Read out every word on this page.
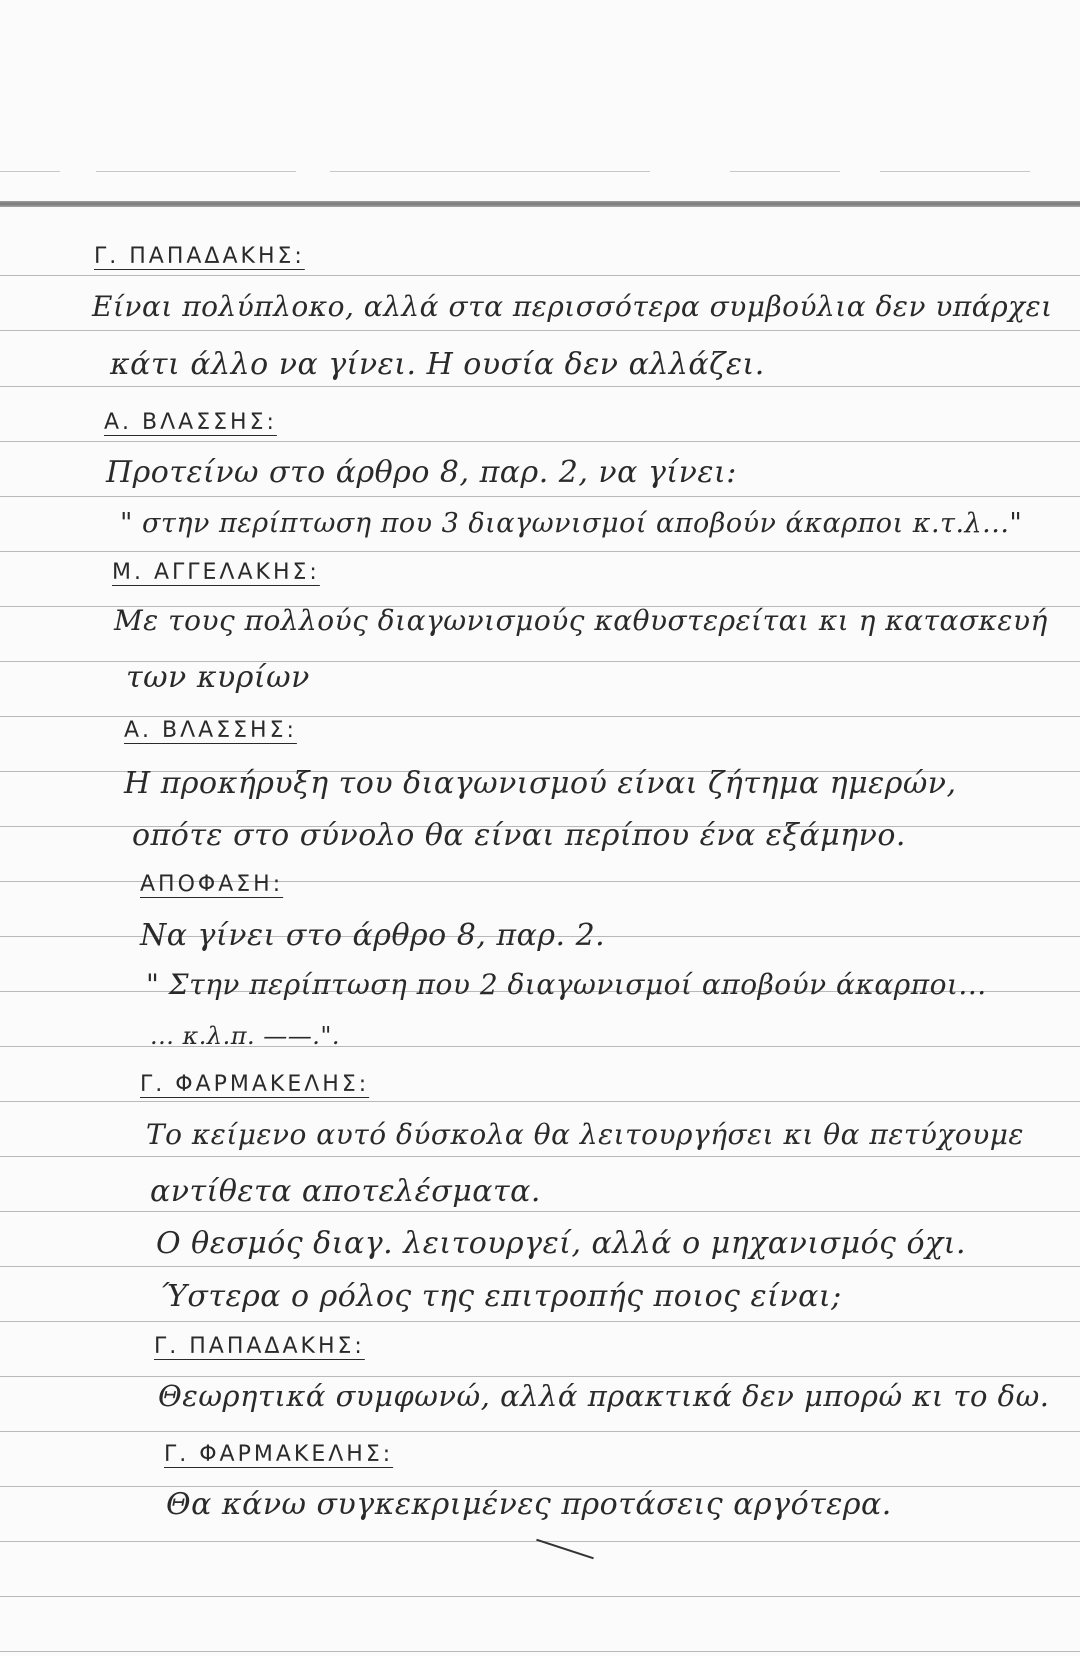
Γ. ΠΑΠΑΔΑΚΗΣ:
Είναι πολύπλοκο, αλλά στα περισσότερα συμβούλια δεν υπάρχει
κάτι άλλο να γίνει. Η ουσία δεν αλλάζει.
Α. ΒΛΑΣΣΗΣ:
Προτείνω στο άρθρο 8, παρ. 2, να γίνει:
" στην περίπτωση που 3 διαγωνισμοί αποβούν άκαρποι κ.τ.λ..."
Μ. ΑΓΓΕΛΑΚΗΣ:
Με τους πολλούς διαγωνισμούς καθυστερείται κι η κατασκευή
των κυρίων
Α. ΒΛΑΣΣΗΣ:
Η προκήρυξη του διαγωνισμού είναι ζήτημα ημερών,
οπότε στο σύνολο θα είναι περίπου ένα εξάμηνο.
ΑΠΟΦΑΣΗ:
Να γίνει στο άρθρο 8, παρ. 2.
" Στην περίπτωση που 2 διαγωνισμοί αποβούν άκαρποι...
... κ.λ.π. ——.".
Γ. ΦΑΡΜΑΚΕΛΗΣ:
Το κείμενο αυτό δύσκολα θα λειτουργήσει κι θα πετύχουμε
αντίθετα αποτελέσματα.
Ο θεσμός διαγ. λειτουργεί, αλλά ο μηχανισμός όχι.
Ύστερα ο ρόλος της επιτροπής ποιος είναι;
Γ. ΠΑΠΑΔΑΚΗΣ:
Θεωρητικά συμφωνώ, αλλά πρακτικά δεν μπορώ κι το δω.
Γ. ΦΑΡΜΑΚΕΛΗΣ:
Θα κάνω συγκεκριμένες προτάσεις αργότερα.
